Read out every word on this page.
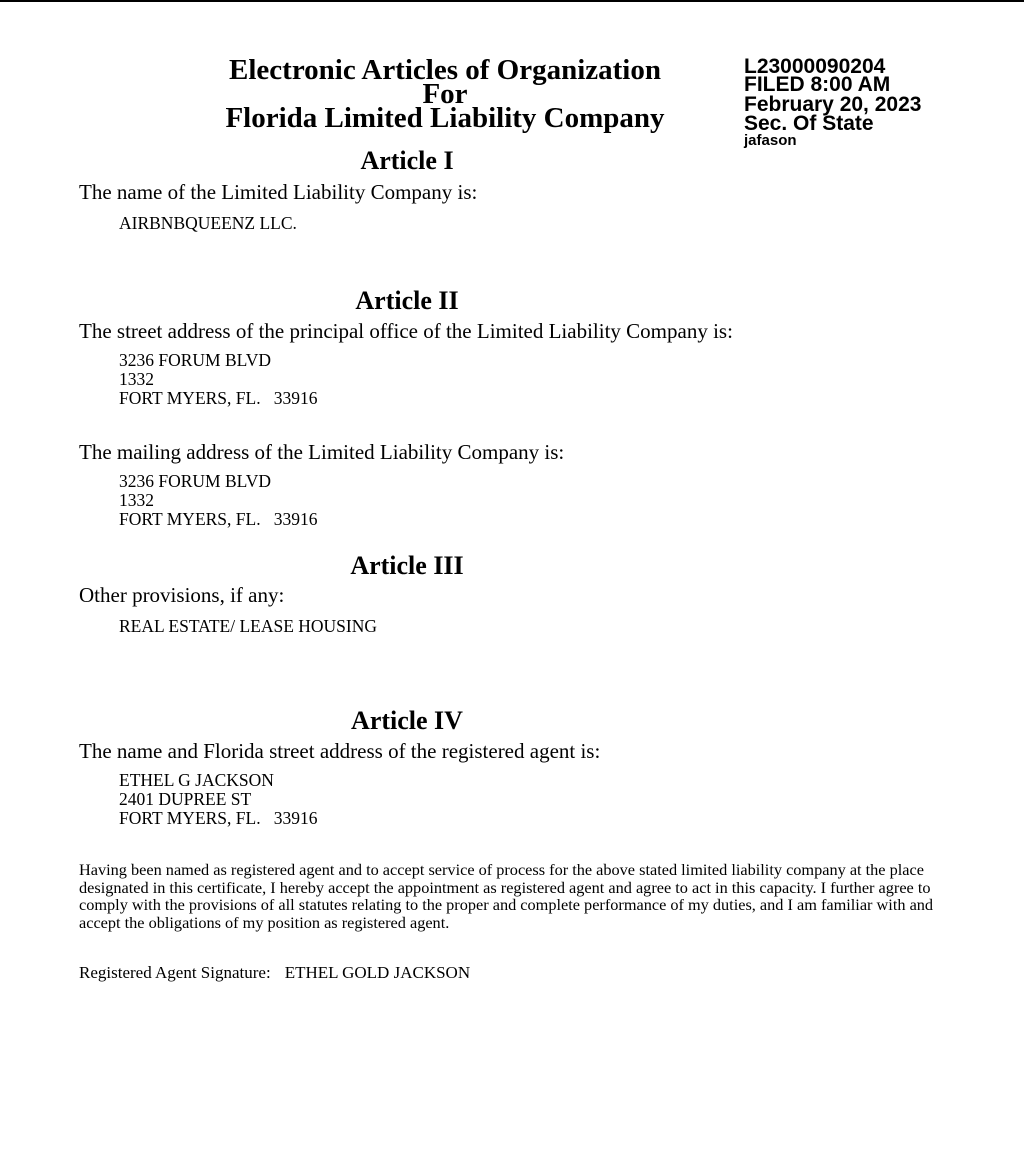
Electronic Articles of Organization
For
Florida Limited Liability Company
L23000090204
FILED 8:00 AM
February 20, 2023
Sec. Of State
jafason
Article I
The name of the Limited Liability Company is:
AIRBNBQUEENZ LLC.
Article II
The street address of the principal office of the Limited Liability Company is:
3236 FORUM BLVD
1332
FORT MYERS, FL.   33916
The mailing address of the Limited Liability Company is:
3236 FORUM BLVD
1332
FORT MYERS, FL.   33916
Article III
Other provisions, if any:
REAL ESTATE/ LEASE HOUSING
Article IV
The name and Florida street address of the registered agent is:
ETHEL G JACKSON
2401 DUPREE ST
FORT MYERS, FL.   33916
Having been named as registered agent and to accept service of process for the above stated limited liability company at the place designated in this certificate, I hereby accept the appointment as registered agent and agree to act in this capacity. I further agree to comply with the provisions of all statutes relating to the proper and complete performance of my duties, and I am familiar with and accept the obligations of my position as registered agent.
Registered Agent Signature: ETHEL GOLD JACKSON
